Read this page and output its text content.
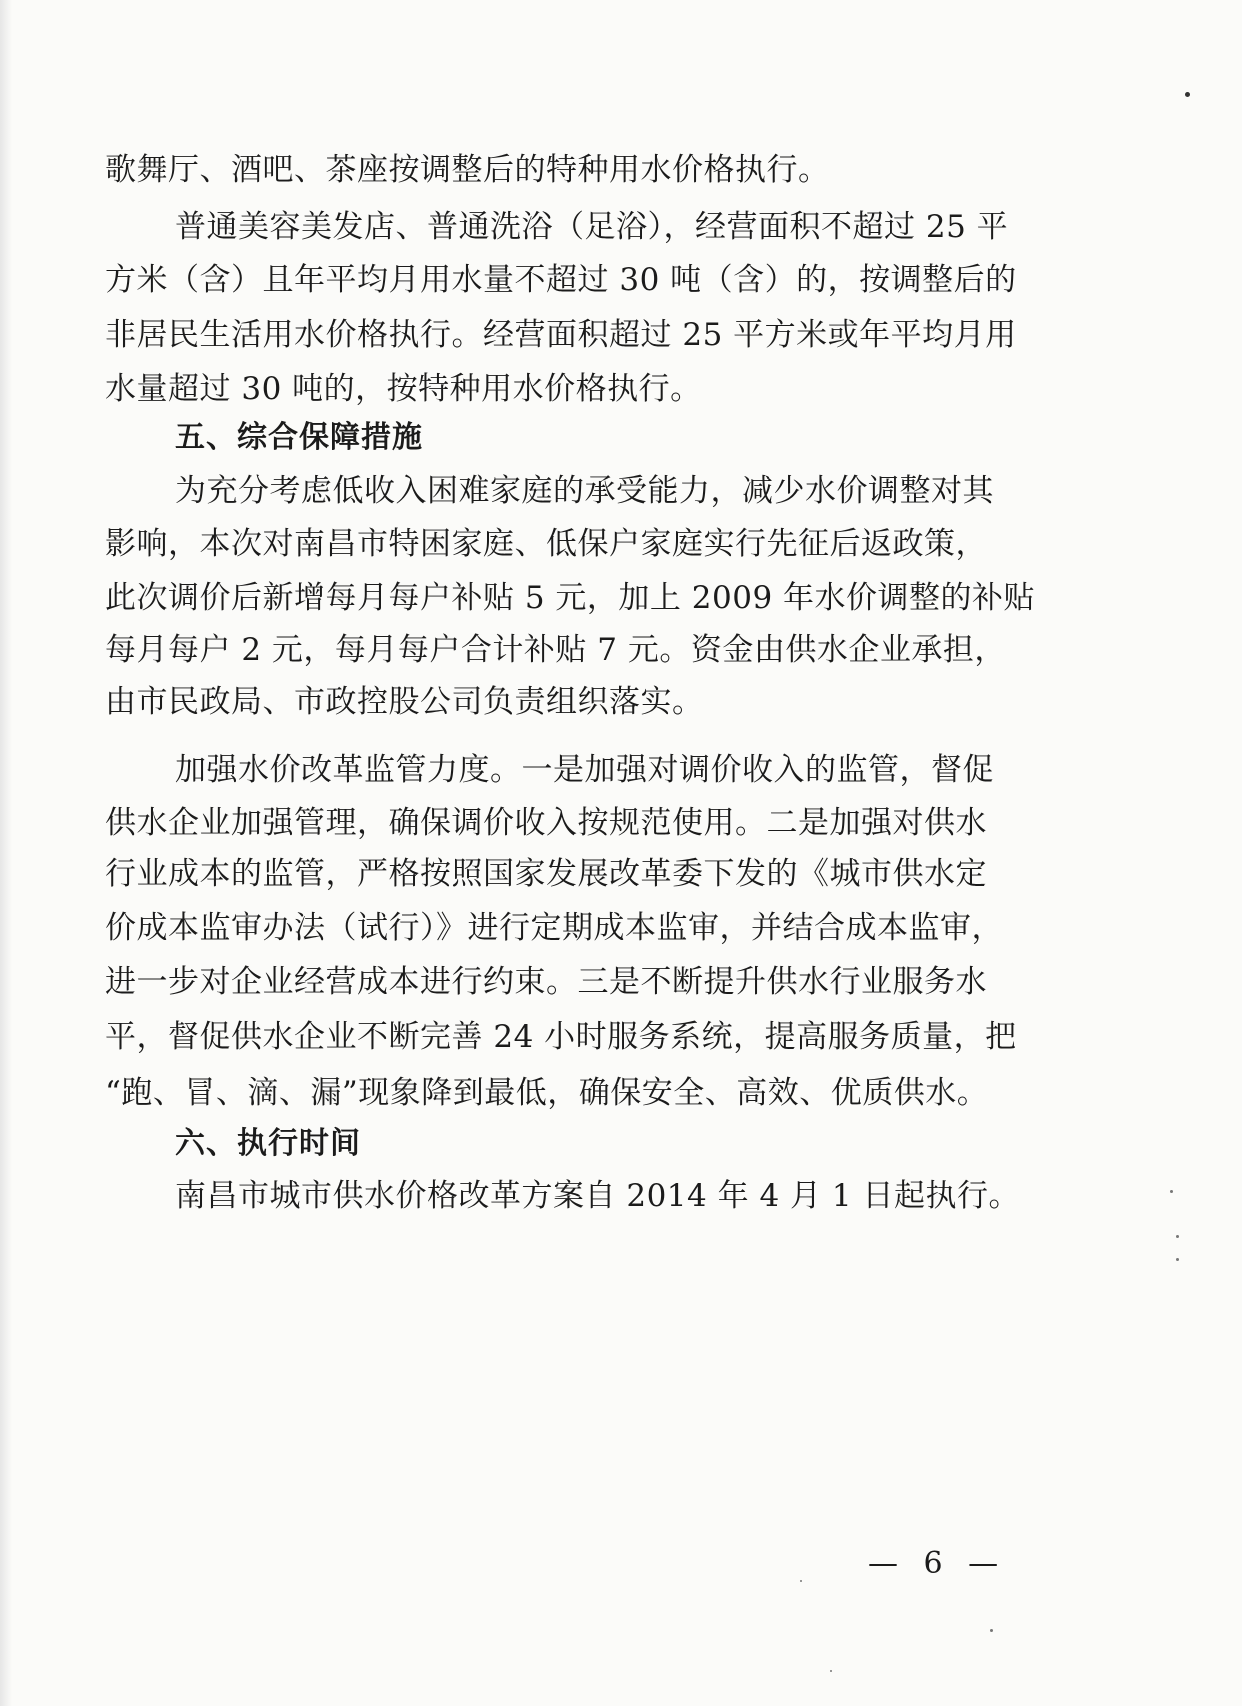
歌舞厅、酒吧、茶座按调整后的特种用水价格执行。
普通美容美发店、普通洗浴（足浴），经营面积不超过 25 平
方米（含）且年平均月用水量不超过 30 吨（含）的，按调整后的
非居民生活用水价格执行。经营面积超过 25 平方米或年平均月用
水量超过 30 吨的，按特种用水价格执行。
五、综合保障措施
为充分考虑低收入困难家庭的承受能力，减少水价调整对其
影响，本次对南昌市特困家庭、低保户家庭实行先征后返政策，
此次调价后新增每月每户补贴 5 元，加上 2009 年水价调整的补贴
每月每户 2 元，每月每户合计补贴 7 元。资金由供水企业承担，
由市民政局、市政控股公司负责组织落实。
加强水价改革监管力度。一是加强对调价收入的监管，督促
供水企业加强管理，确保调价收入按规范使用。二是加强对供水
行业成本的监管，严格按照国家发展改革委下发的《城市供水定
价成本监审办法（试行）》进行定期成本监审，并结合成本监审，
进一步对企业经营成本进行约束。三是不断提升供水行业服务水
平，督促供水企业不断完善 24 小时服务系统，提高服务质量，把
“跑、冒、滴、漏”现象降到最低，确保安全、高效、优质供水。
六、执行时间
南昌市城市供水价格改革方案自 2014 年 4 月 1 日起执行。
— 6 —
